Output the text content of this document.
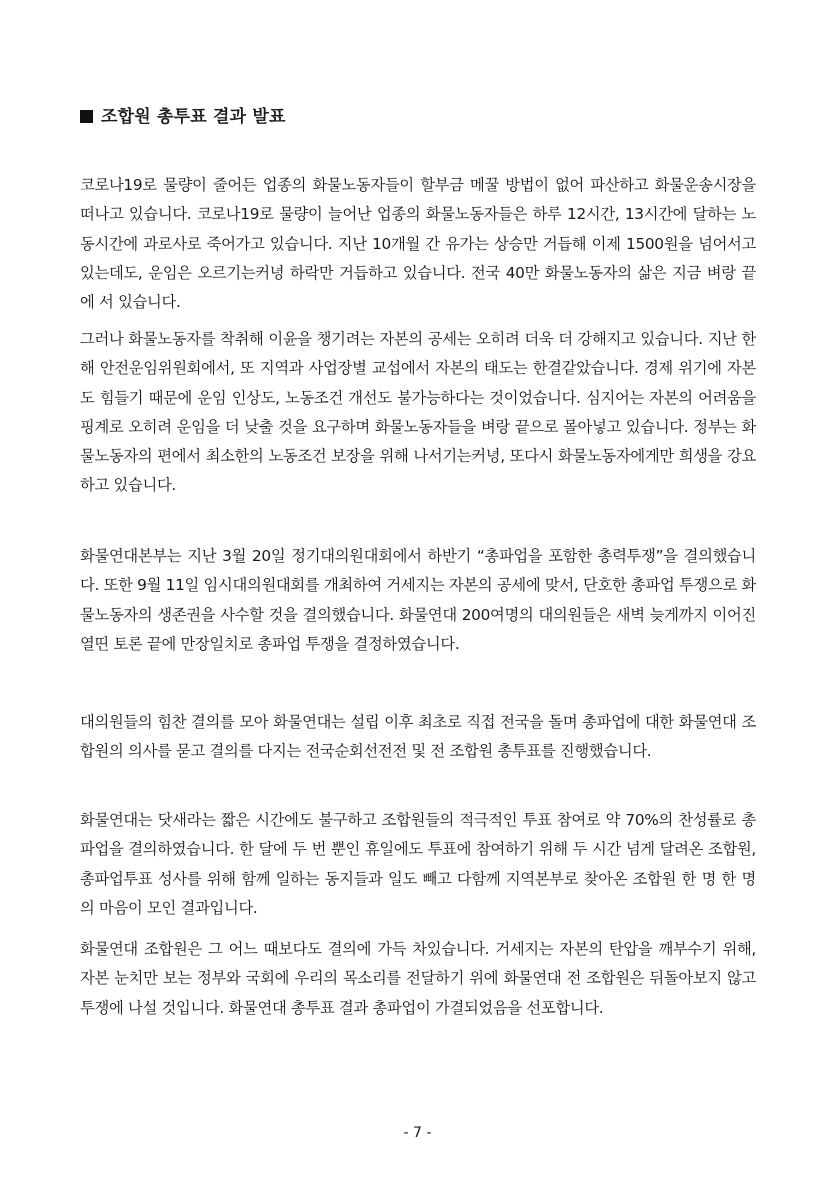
조합원 총투표 결과 발표

코로나19로 물량이 줄어든 업종의 화물노동자들이 할부금 메꿀 방법이 없어 파산하고 화물운송시장을 떠나고 있습니다. 코로나19로 물량이 늘어난 업종의 화물노동자들은 하루 12시간, 13시간에 달하는 노동시간에 과로사로 죽어가고 있습니다. 지난 10개월 간 유가는 상승만 거듭해 이제 1500원을 넘어서고 있는데도, 운임은 오르기는커녕 하락만 거듭하고 있습니다. 전국 40만 화물노동자의 삶은 지금 벼랑 끝에 서 있습니다.

그러나 화물노동자를 착취해 이윤을 챙기려는 자본의 공세는 오히려 더욱 더 강해지고 있습니다. 지난 한 해 안전운임위원회에서, 또 지역과 사업장별 교섭에서 자본의 태도는 한결같았습니다. 경제 위기에 자본도 힘들기 때문에 운임 인상도, 노동조건 개선도 불가능하다는 것이었습니다. 심지어는 자본의 어려움을 핑계로 오히려 운임을 더 낮출 것을 요구하며 화물노동자들을 벼랑 끝으로 몰아넣고 있습니다. 정부는 화물노동자의 편에서 최소한의 노동조건 보장을 위해 나서기는커녕, 또다시 화물노동자에게만 희생을 강요하고 있습니다.

화물연대본부는 지난 3월 20일 정기대의원대회에서 하반기 “총파업을 포함한 총력투쟁”을 결의했습니다. 또한 9월 11일 임시대의원대회를 개최하여 거세지는 자본의 공세에 맞서, 단호한 총파업 투쟁으로 화물노동자의 생존권을 사수할 것을 결의했습니다. 화물연대 200여명의 대의원들은 새벽 늦게까지 이어진 열띤 토론 끝에 만장일치로 총파업 투쟁을 결정하였습니다.

대의원들의 힘찬 결의를 모아 화물연대는 설립 이후 최초로 직접 전국을 돌며 총파업에 대한 화물연대 조합원의 의사를 묻고 결의를 다지는 전국순회선전전 및 전 조합원 총투표를 진행했습니다.

화물연대는 닷새라는 짧은 시간에도 불구하고 조합원들의 적극적인 투표 참여로 약 70%의 찬성률로 총파업을 결의하였습니다. 한 달에 두 번 뿐인 휴일에도 투표에 참여하기 위해 두 시간 넘게 달려온 조합원, 총파업투표 성사를 위해 함께 일하는 동지들과 일도 빼고 다함께 지역본부로 찾아온 조합원 한 명 한 명의 마음이 모인 결과입니다.

화물연대 조합원은 그 어느 때보다도 결의에 가득 차있습니다. 거세지는 자본의 탄압을 깨부수기 위해, 자본 눈치만 보는 정부와 국회에 우리의 목소리를 전달하기 위에 화물연대 전 조합원은 뒤돌아보지 않고 투쟁에 나설 것입니다. 화물연대 총투표 결과 총파업이 가결되었음을 선포합니다.

- 7 -
